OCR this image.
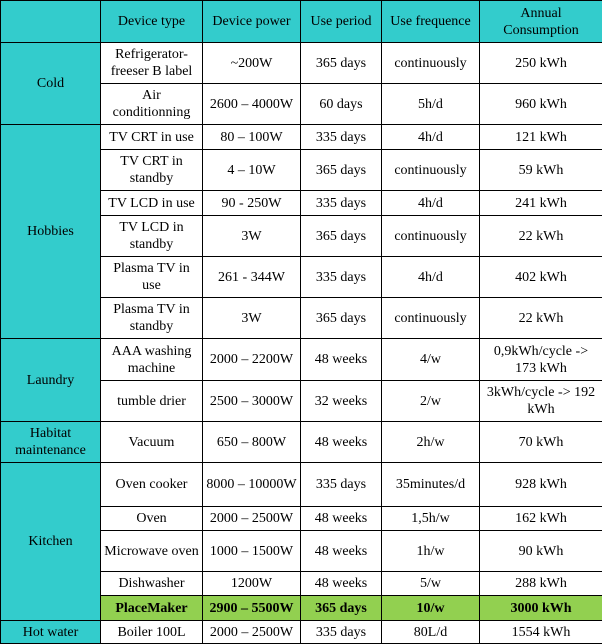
	Device type	Device power	Use period	Use frequence	Annual
Consumption
Cold	Refrigerator-freeser B label	~200W	365 days	continuously	250 kWh
	Air conditionning	2600 – 4000W	60 days	5h/d	960 kWh
Hobbies	TV CRT in use	80 – 100W	335 days	4h/d	121 kWh
	TV CRT in standby	4 – 10W	365 days	continuously	59 kWh
	TV LCD in use	90 - 250W	335 days	4h/d	241 kWh
	TV LCD in standby	3W	365 days	continuously	22 kWh
	Plasma TV in use	261 - 344W	335 days	4h/d	402 kWh
	Plasma TV in standby	3W	365 days	continuously	22 kWh
Laundry	AAA washing machine	2000 – 2200W	48 weeks	4/w	0,9kWh/cycle -> 173 kWh
	tumble drier	2500 – 3000W	32 weeks	2/w	3kWh/cycle -> 192 kWh
Habitat maintenance	Vacuum	650 – 800W	48 weeks	2h/w	70 kWh
Kitchen	Oven cooker	8000 – 10000W	335 days	35minutes/d	928 kWh
	Oven	2000 – 2500W	48 weeks	1,5h/w	162 kWh
	Microwave oven	1000 – 1500W	48 weeks	1h/w	90 kWh
	Dishwasher	1200W	48 weeks	5/w	288 kWh
	PlaceMaker	2900 – 5500W	365 days	10/w	3000 kWh
Hot water	Boiler 100L	2000 – 2500W	335 days	80L/d	1554 kWh
